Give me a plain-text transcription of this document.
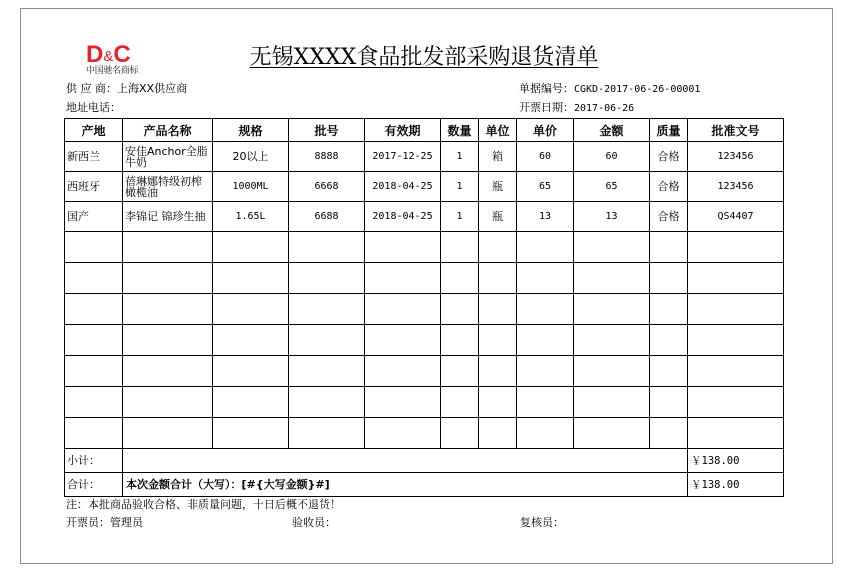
D&C
中国驰名商标
无锡XXXX食品批发部采购退货清单
供 应 商：上海XX供应商
地址电话：
单据编号：CGKD-2017-06-26-00001
开票日期：2017-06-26
产地	产品名称	规格	批号	有效期	数量	单位	单价	金额	质量	批准文号
新西兰	安佳Anchor全脂牛奶	20以上	8888	2017-12-25	1	箱	60	60	合格	123456
西班牙	蓓琳娜特级初榨橄榄油	1000ML	6668	2018-04-25	1	瓶	65	65	合格	123456
国产	李锦记 锦珍生抽	1.65L	6688	2018-04-25	1	瓶	13	13	合格	QS4407

小计：										￥138.00
合计：	本次金额合计（大写）：[#{大写金额}#]									￥138.00
注：本批商品验收合格、非质量问题，十日后概不退货！
开票员：管理员	验收员：	复核员：
